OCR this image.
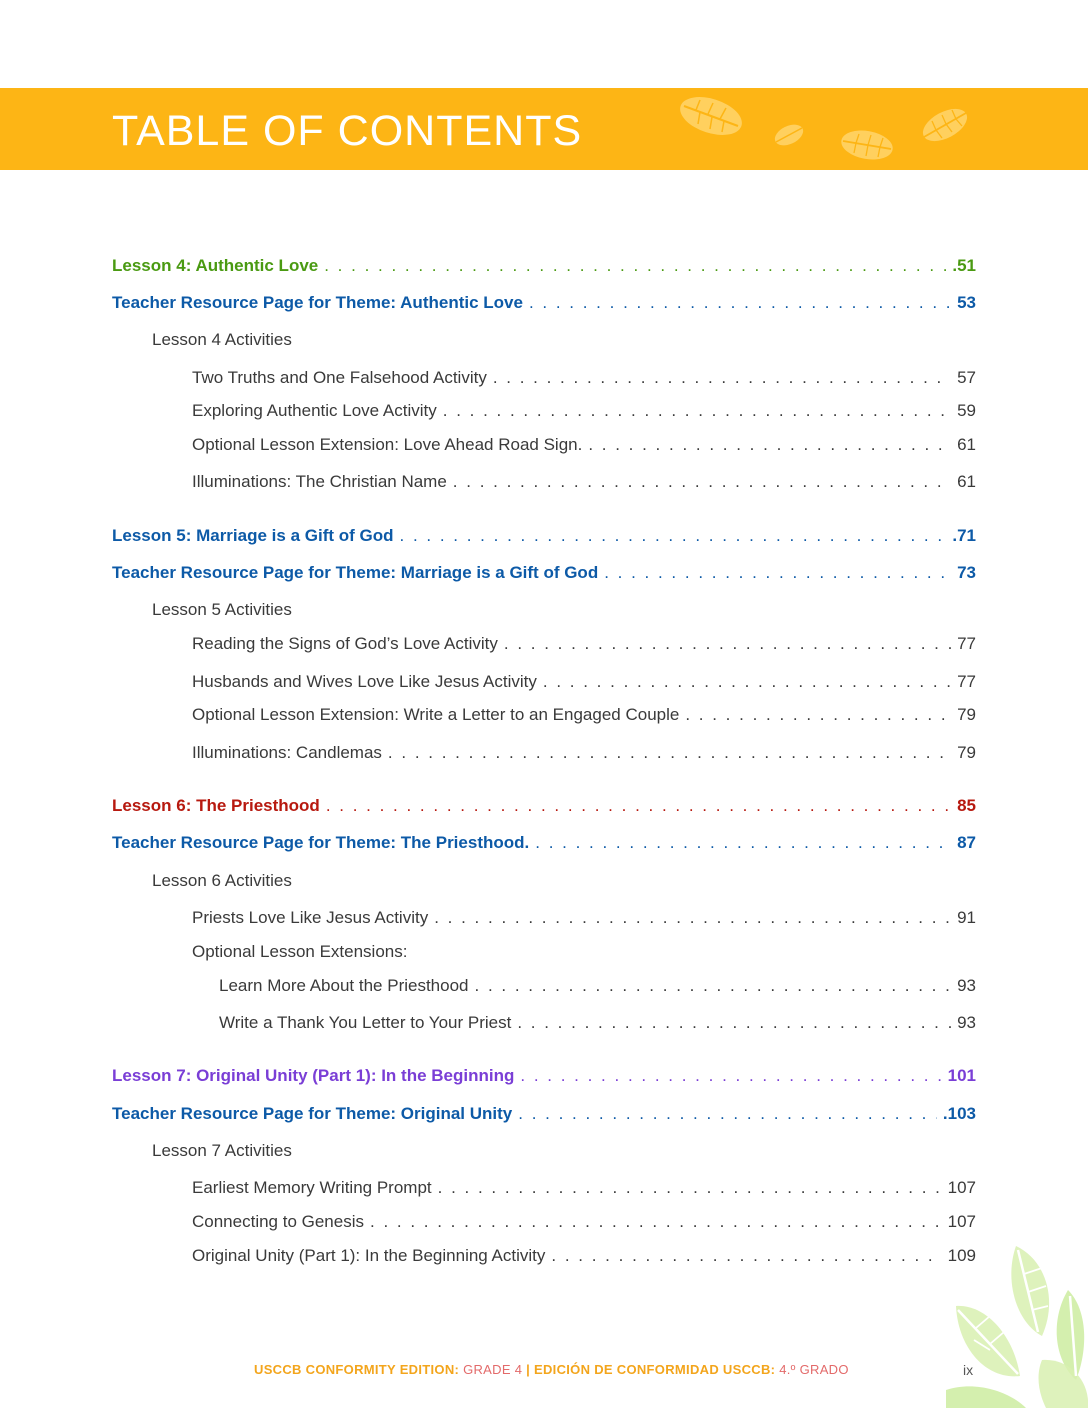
TABLE OF CONTENTS
Lesson 4: Authentic Love . . .	.51
Teacher Resource Page for Theme: Authentic Love . . .	53
Lesson 4 Activities
Two Truths and One Falsehood Activity . . .	57
Exploring Authentic Love Activity . . .	59
Optional Lesson Extension: Love Ahead Road Sign. . . .	61
Illuminations: The Christian Name . . .	61
Lesson 5: Marriage is a Gift of God . . .	.71
Teacher Resource Page for Theme: Marriage is a Gift of God . . .	73
Lesson 5 Activities
Reading the Signs of God’s Love Activity . . .	77
Husbands and Wives Love Like Jesus Activity . . .	77
Optional Lesson Extension: Write a Letter to an Engaged Couple . . .	79
Illuminations: Candlemas . . .	79
Lesson 6: The Priesthood . . .	85
Teacher Resource Page for Theme: The Priesthood. . . .	87
Lesson 6 Activities
Priests Love Like Jesus Activity . . .	91
Optional Lesson Extensions:
Learn More About the Priesthood . . .	93
Write a Thank You Letter to Your Priest . . .	93
Lesson 7: Original Unity (Part 1): In the Beginning . . .	101
Teacher Resource Page for Theme: Original Unity . . .	.103
Lesson 7 Activities
Earliest Memory Writing Prompt . . .	107
Connecting to Genesis . . .	107
Original Unity (Part 1): In the Beginning Activity . . .	109
USCCB CONFORMITY EDITION: GRADE 4 | EDICIÓN DE CONFORMIDAD USCCB: 4.º GRADO	ix
